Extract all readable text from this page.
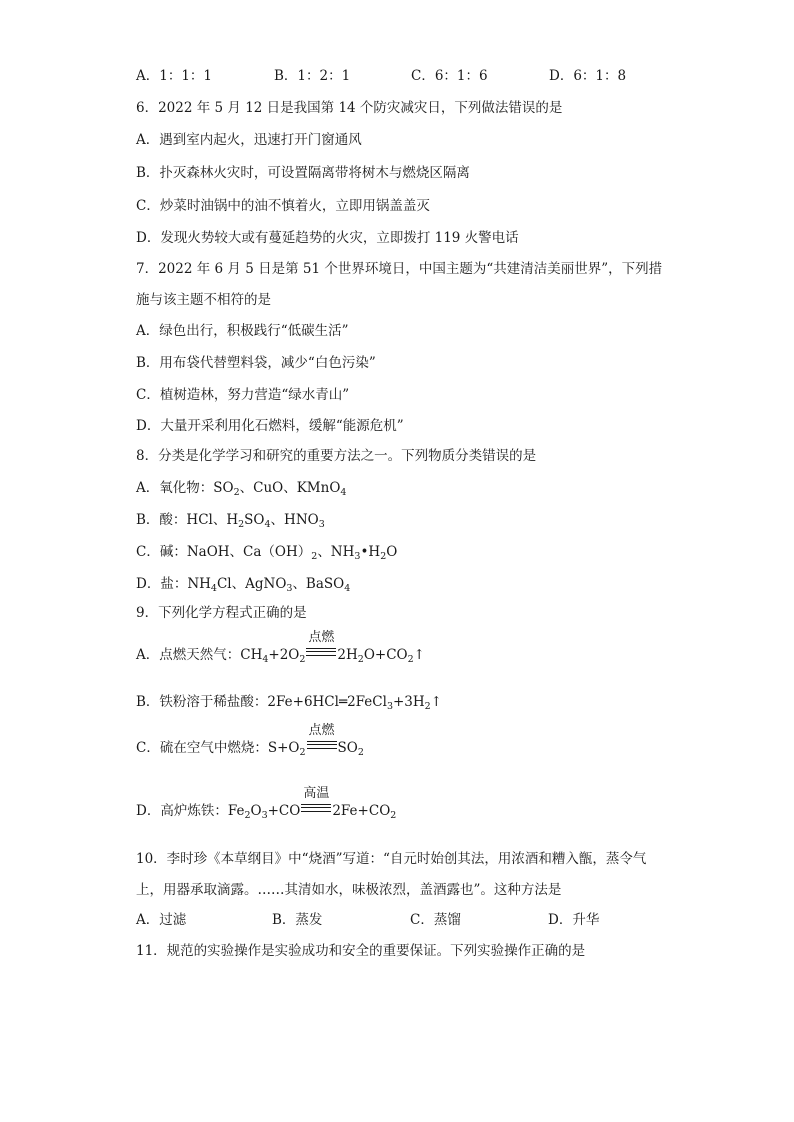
A．1：1：1	B．1：2：1	C．6：1：6	D．6：1：8
6．2022 年 5 月 12 日是我国第 14 个防灾减灾日，下列做法错误的是
A．遇到室内起火，迅速打开门窗通风
B．扑灭森林火灾时，可设置隔离带将树木与燃烧区隔离
C．炒菜时油锅中的油不慎着火，立即用锅盖盖灭
D．发现火势较大或有蔓延趋势的火灾，立即拨打 119 火警电话
7．2022 年 6 月 5 日是第 51 个世界环境日，中国主题为“共建清洁美丽世界”，下列措
施与该主题不相符的是
A．绿色出行，积极践行“低碳生活”
B．用布袋代替塑料袋，减少“白色污染”
C．植树造林，努力营造“绿水青山”
D．大量开采利用化石燃料，缓解“能源危机”
8．分类是化学学习和研究的重要方法之一。下列物质分类错误的是
A．氧化物：$SO_2$、CuO、KMnO$_4$
B．酸：HCl、$H_2SO_4$、$HNO_3$
C．碱：NaOH、$Ca(OH)_2$、$NH_3•H_2O$
D．盐：$NH_4Cl$、AgNO$_3$、BaSO$_4$
9．下列化学方程式正确的是
A．点燃天然气：$CH_4+2O_2$
点燃
$2H_2O+CO_2↑$
B．铁粉溶于稀盐酸：$2Fe+6HCl═2FeCl_3+3H_2↑$
C．硫在空气中燃烧：$S+O_2$
点燃
$SO_2$
D．高炉炼铁：$Fe_2O_3+CO$
高温
$2Fe+CO_2$
10．李时珍《本草纲目》中“烧酒”写道：“自元时始创其法，用浓酒和糟入甑，蒸令气
上，用器承取滴露。……其清如水，味极浓烈，盖酒露也”。这种方法是
A．过滤	B．蒸发	C．蒸馏	D．升华
11．规范的实验操作是实验成功和安全的重要保证。下列实验操作正确的是
